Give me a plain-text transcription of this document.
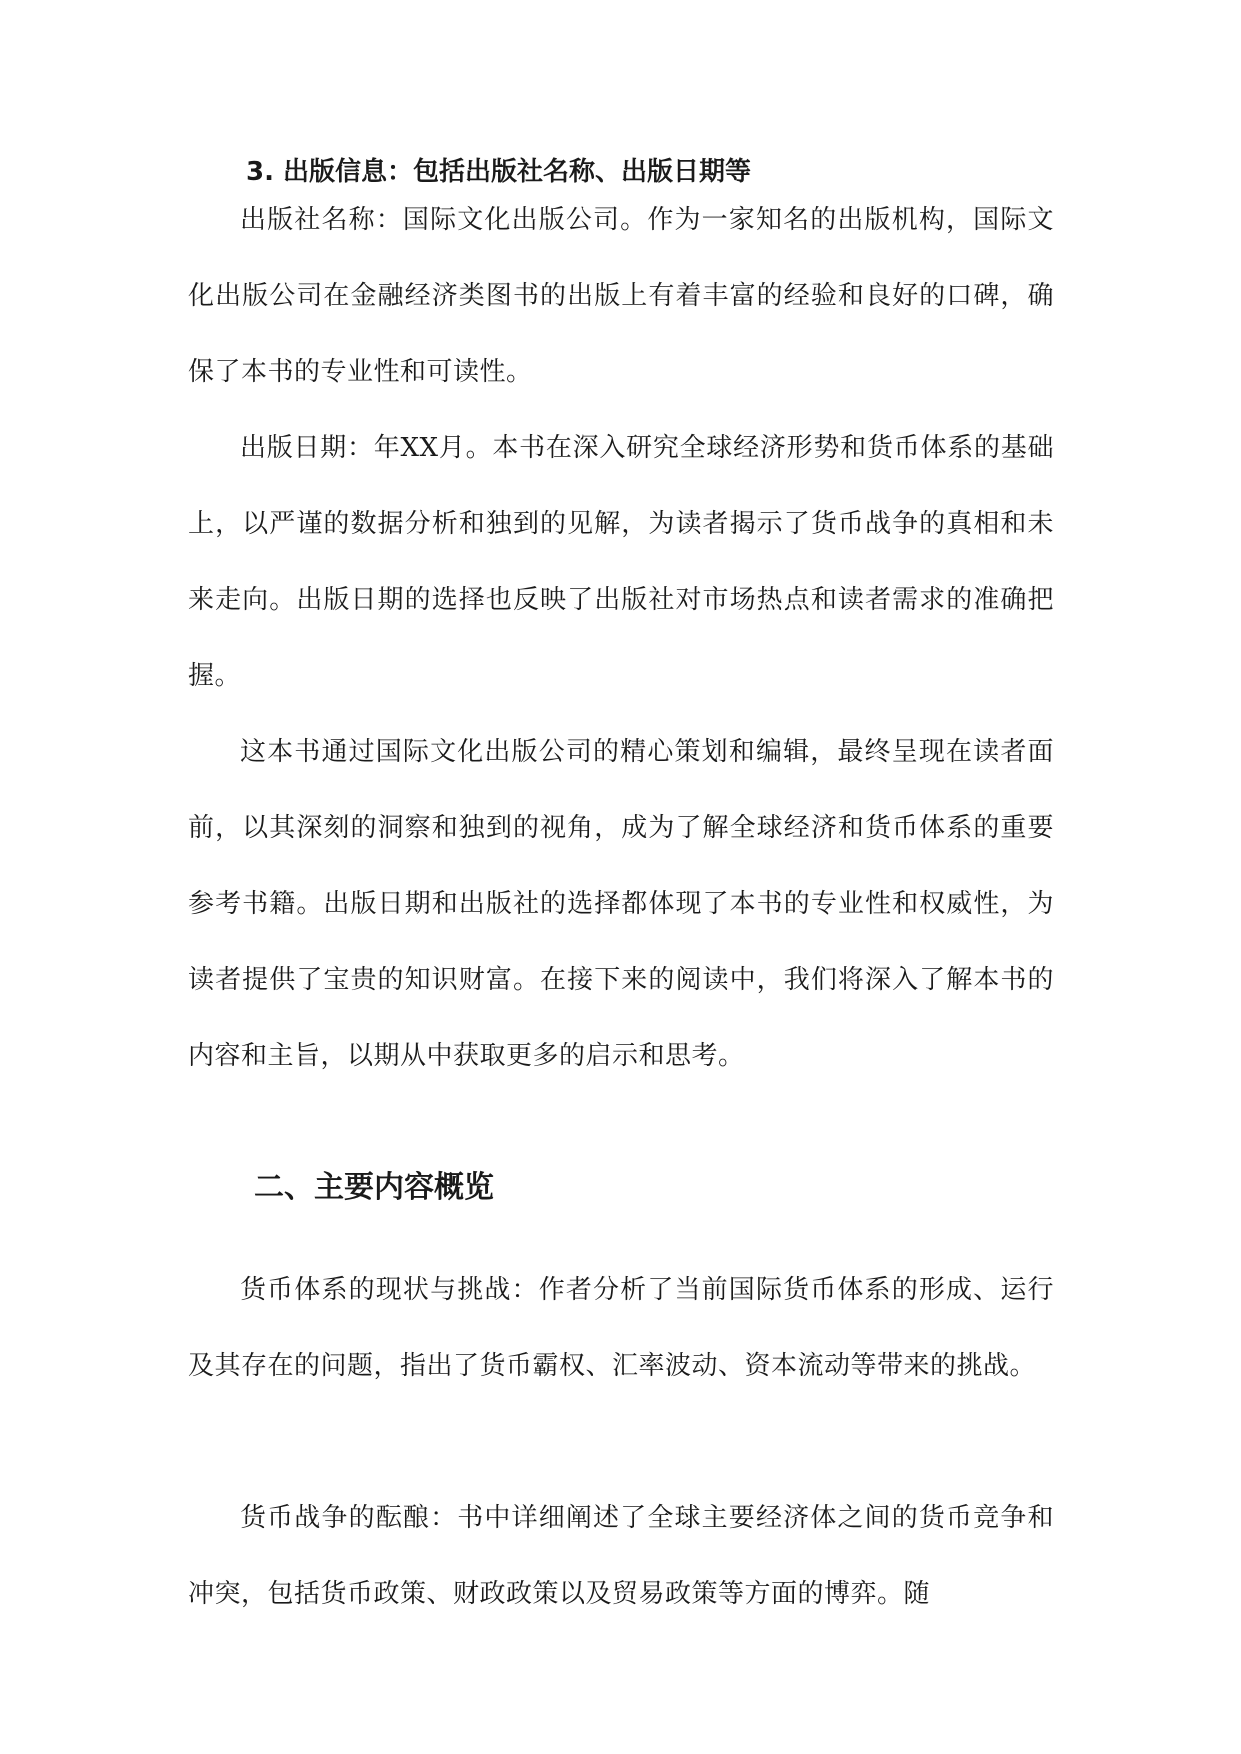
3. 出版信息：包括出版社名称、出版日期等

出版社名称：国际文化出版公司。作为一家知名的出版机构，国际文化出版公司在金融经济类图书的出版上有着丰富的经验和良好的口碑，确保了本书的专业性和可读性。

出版日期：年XX月。本书在深入研究全球经济形势和货币体系的基础上，以严谨的数据分析和独到的见解，为读者揭示了货币战争的真相和未来走向。出版日期的选择也反映了出版社对市场热点和读者需求的准确把握。

这本书通过国际文化出版公司的精心策划和编辑，最终呈现在读者面前，以其深刻的洞察和独到的视角，成为了解全球经济和货币体系的重要参考书籍。出版日期和出版社的选择都体现了本书的专业性和权威性，为读者提供了宝贵的知识财富。在接下来的阅读中，我们将深入了解本书的内容和主旨，以期从中获取更多的启示和思考。

二、主要内容概览

货币体系的现状与挑战：作者分析了当前国际货币体系的形成、运行及其存在的问题，指出了货币霸权、汇率波动、资本流动等带来的挑战。

货币战争的酝酿：书中详细阐述了全球主要经济体之间的货币竞争和冲突，包括货币政策、财政政策以及贸易政策等方面的博弈。随
